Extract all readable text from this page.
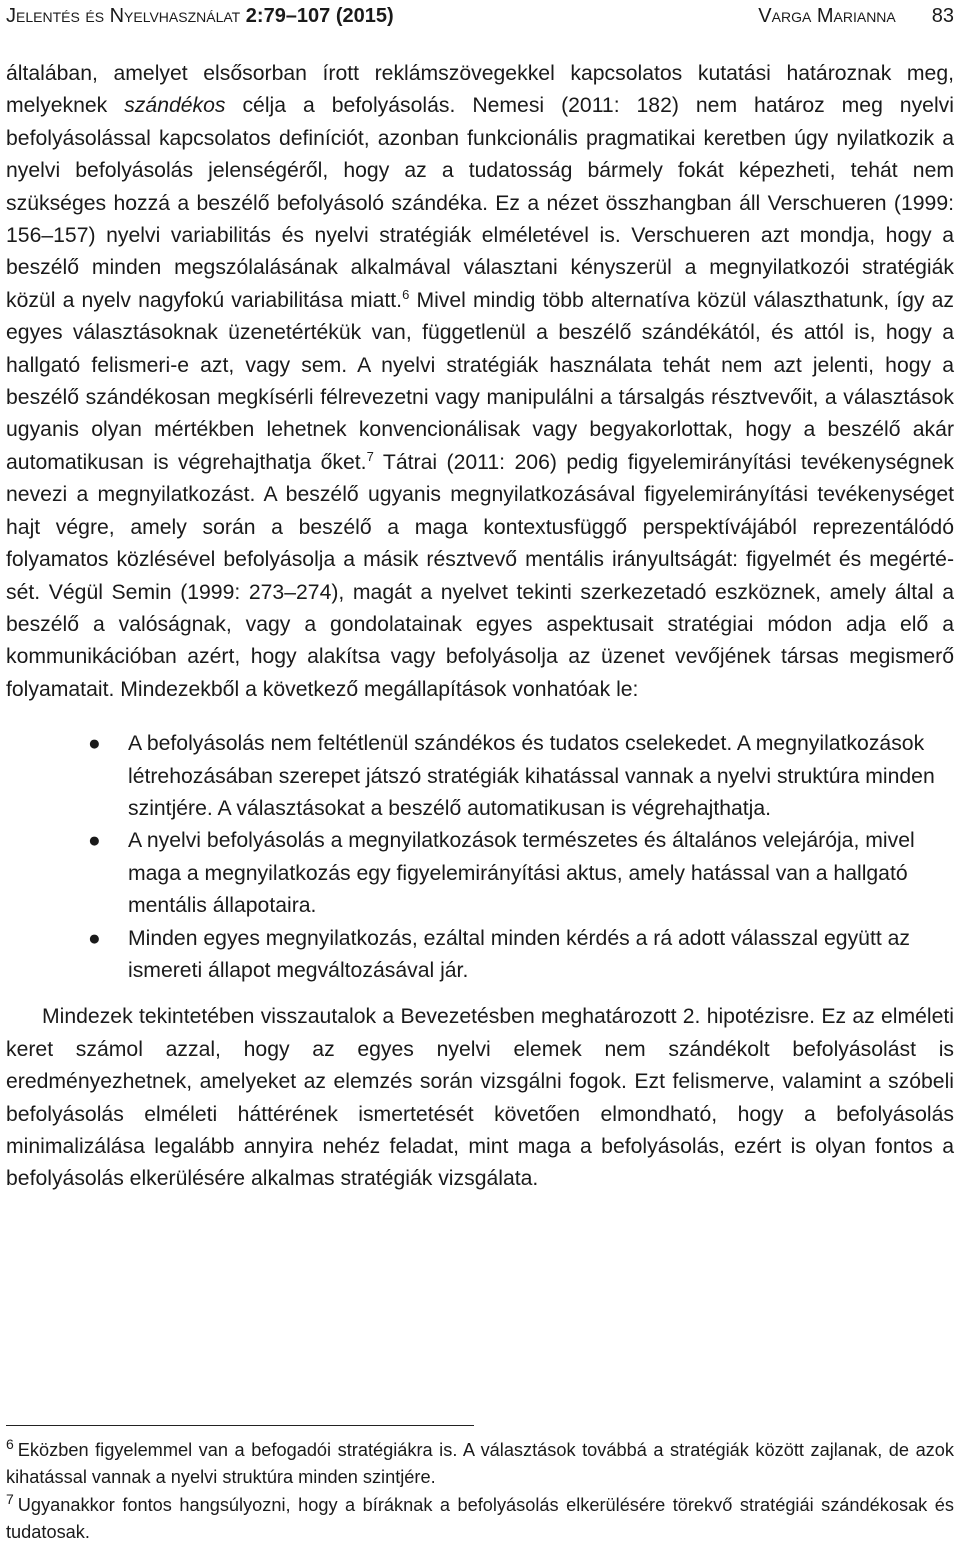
Jelentés és Nyelvhasználat 2:79–107 (2015)	Varga Marianna 83

általában, amelyet elsősorban írott reklámszövegekkel kapcsolatos kutatási határoznak meg, melyeknek szándékos célja a befolyásolás. Nemesi (2011: 182) nem határoz meg nyelvi befolyásolással kapcsolatos definíciót, azonban funkcionális pragmatikai keretben úgy nyilatkozik a nyelvi befolyásolás jelenségéről, hogy az a tudatosság bármely fokát képezheti, tehát nem szükséges hozzá a beszélő befolyásoló szándéka. Ez a nézet összhangban áll Verschueren (1999: 156–157) nyelvi variabilitás és nyelvi stratégiák elméletével is. Verschueren azt mondja, hogy a beszélő minden megszólalásának alkalmával választani kényszerül a megnyilatkozói stratégiák közül a nyelv nagyfokú variabilitása miatt.$^6$ Mivel mindig több alternatíva közül választhatunk, így az egyes választásoknak üzenetértékük van, függetlenül a beszélő szándékától, és attól is, hogy a hallgató felismeri-e azt, vagy sem. A nyelvi stratégiák használata tehát nem azt jelenti, hogy a beszélő szándékosan megkísérli félrevezetni vagy manipulálni a társalgás résztvevőit, a választások ugyanis olyan mértékben lehetnek konvencionálisak vagy begyakorlottak, hogy a beszélő akár automatikusan is végrehajthatja őket.$^7$ Tátrai (2011: 206) pedig figyelemirányítási tevékenységnek nevezi a megnyilatkozást. A beszélő ugyanis megnyilatkozásával figyelemirányítási tevékenységet hajt végre, amely során a beszélő a maga kontextusfüggő perspektívájából reprezentálódó folyamatos közlésével befolyásolja a másik résztvevő mentális irányultságát: figyelmét és megértését. Végül Semin (1999: 273–274), magát a nyelvet tekinti szerkezetadó eszköznek, amely által a beszélő a valóságnak, vagy a gondolatainak egyes aspektusait stratégiai módon adja elő a kommunikációban azért, hogy alakítsa vagy befolyásolja az üzenet vevőjének társas megismerő folyamatait. Mindezekből a következő megállapítások vonhatóak le:

● A befolyásolás nem feltétlenül szándékos és tudatos cselekedet. A megnyilatkozások létrehozásában szerepet játszó stratégiák kihatással vannak a nyelvi struktúra minden szintjére. A választásokat a beszélő automatikusan is végrehajthatja.
● A nyelvi befolyásolás a megnyilatkozások természetes és általános velejárója, mivel maga a megnyilatkozás egy figyelemirányítási aktus, amely hatással van a hallgató mentális állapotaira.
● Minden egyes megnyilatkozás, ezáltal minden kérdés a rá adott válasszal együtt az ismereti állapot megváltozásával jár.

Mindezek tekintetében visszautalok a Bevezetésben meghatározott 2. hipotézisre. Ez az elméleti keret számol azzal, hogy az egyes nyelvi elemek nem szándékolt befolyásolást is eredményezhetnek, amelyeket az elemzés során vizsgálni fogok. Ezt felismerve, valamint a szóbeli befolyásolás elméleti háttérének ismertetését követően elmondható, hogy a befolyásolás minimalizálása legalább annyira nehéz feladat, mint maga a befolyásolás, ezért is olyan fontos a befolyásolás elkerülésére alkalmas stratégiák vizsgálata.

$^6$ Eközben figyelemmel van a befogadói stratégiákra is. A választások továbbá a stratégiák között zajlanak, de azok kihatással vannak a nyelvi struktúra minden szintjére.

$^7$ Ugyanakkor fontos hangsúlyozni, hogy a bíráknak a befolyásolás elkerülésére törekvő stratégiái szándékosak és tudatosak.
